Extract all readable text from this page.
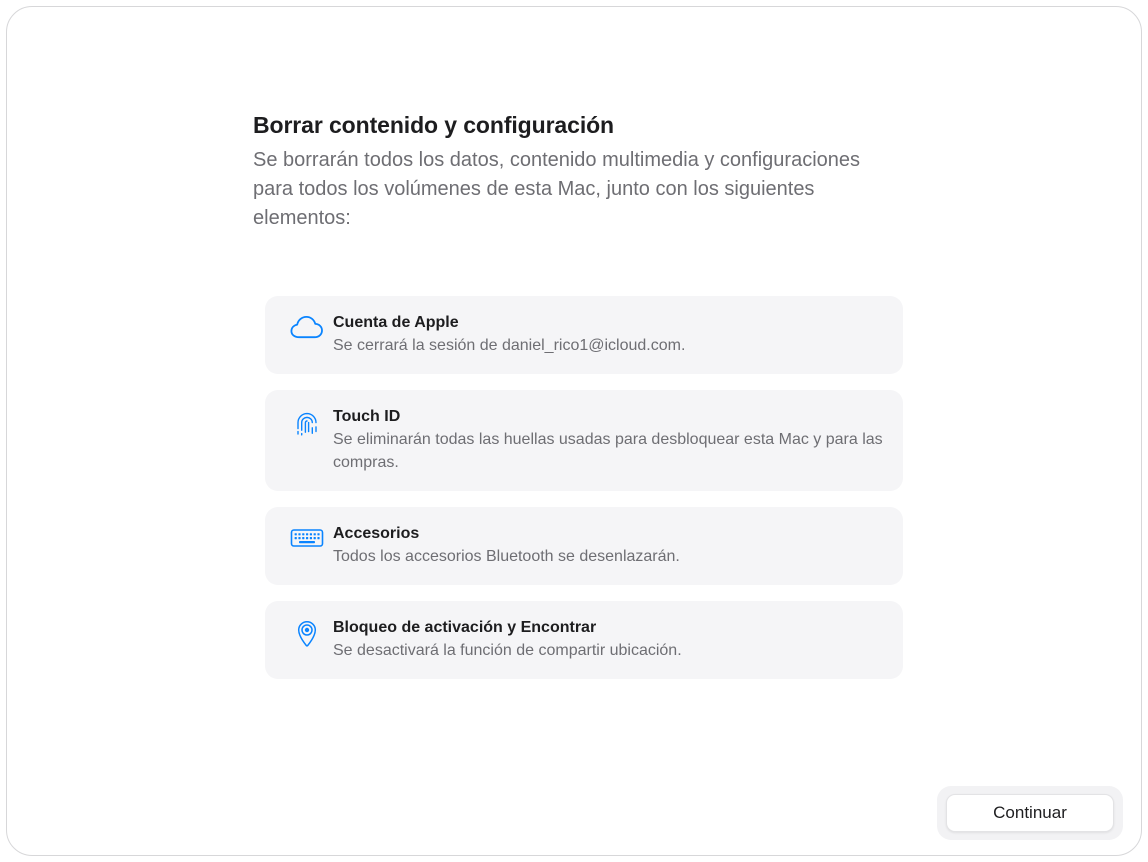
Borrar contenido y configuración

Se borrarán todos los datos, contenido multimedia y configuraciones para todos los volúmenes de esta Mac, junto con los siguientes elementos:

Cuenta de Apple

Se cerrará la sesión de daniel_rico1@icloud.com.

Touch ID

Se eliminarán todas las huellas usadas para desbloquear esta Mac y para las compras.

Accesorios

Todos los accesorios Bluetooth se desenlazarán.

Bloqueo de activación y Encontrar

Se desactivará la función de compartir ubicación.

Continuar
